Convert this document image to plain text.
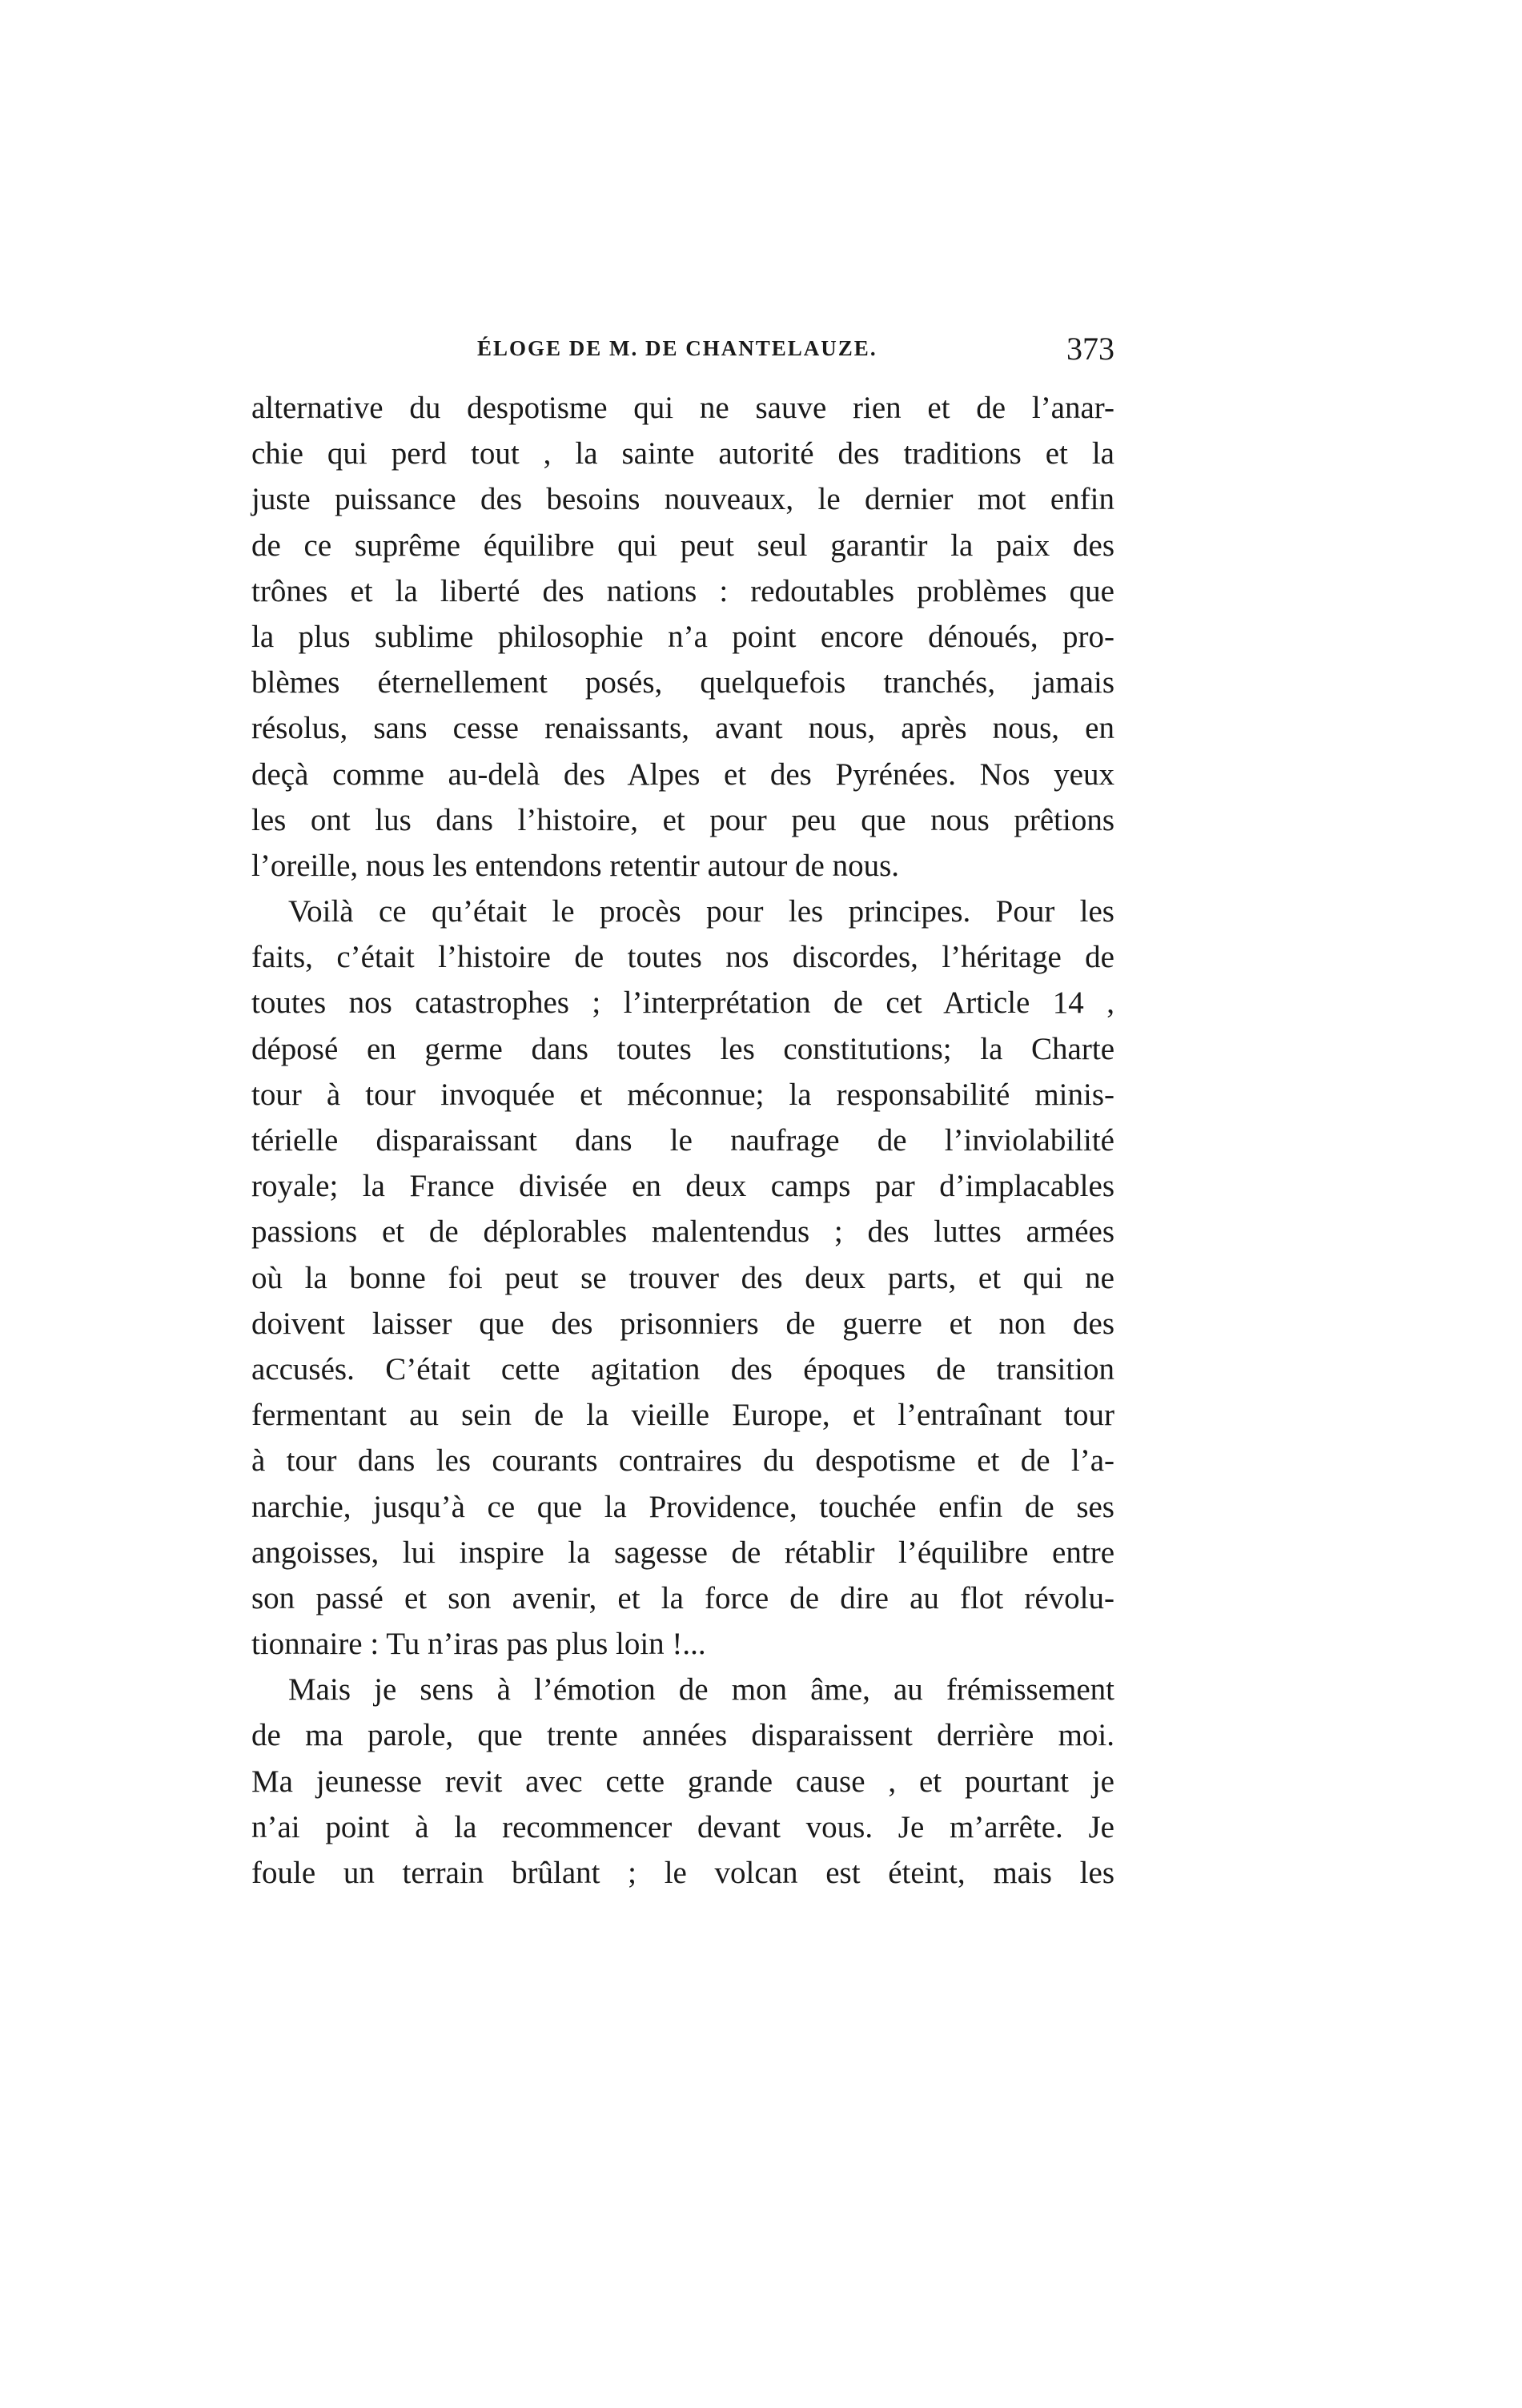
ÉLOGE DE M. DE CHANTELAUZE.	373
alternative du despotisme qui ne sauve rien et de l’anar-
chie qui perd tout , la sainte autorité des traditions et la
juste puissance des besoins nouveaux, le dernier mot enfin
de ce suprême équilibre qui peut seul garantir la paix des
trônes et la liberté des nations : redoutables problèmes que
la plus sublime philosophie n’a point encore dénoués, pro-
blèmes éternellement posés, quelquefois tranchés, jamais
résolus, sans cesse renaissants, avant nous, après nous, en
deçà comme au-delà des Alpes et des Pyrénées. Nos yeux
les ont lus dans l’histoire, et pour peu que nous prêtions
l’oreille, nous les entendons retentir autour de nous.
Voilà ce qu’était le procès pour les principes. Pour les
faits, c’était l’histoire de toutes nos discordes, l’héritage de
toutes nos catastrophes ; l’interprétation de cet Article 14 ,
déposé en germe dans toutes les constitutions; la Charte
tour à tour invoquée et méconnue; la responsabilité minis-
térielle disparaissant dans le naufrage de l’inviolabilité
royale; la France divisée en deux camps par d’implacables
passions et de déplorables malentendus ; des luttes armées
où la bonne foi peut se trouver des deux parts, et qui ne
doivent laisser que des prisonniers de guerre et non des
accusés. C’était cette agitation des époques de transition
fermentant au sein de la vieille Europe, et l’entraînant tour
à tour dans les courants contraires du despotisme et de l’a-
narchie, jusqu’à ce que la Providence, touchée enfin de ses
angoisses, lui inspire la sagesse de rétablir l’équilibre entre
son passé et son avenir, et la force de dire au flot révolu-
tionnaire : Tu n’iras pas plus loin !...
Mais je sens à l’émotion de mon âme, au frémissement
de ma parole, que trente années disparaissent derrière moi.
Ma jeunesse revit avec cette grande cause , et pourtant je
n’ai point à la recommencer devant vous. Je m’arrête. Je
foule un terrain brûlant ; le volcan est éteint, mais les
